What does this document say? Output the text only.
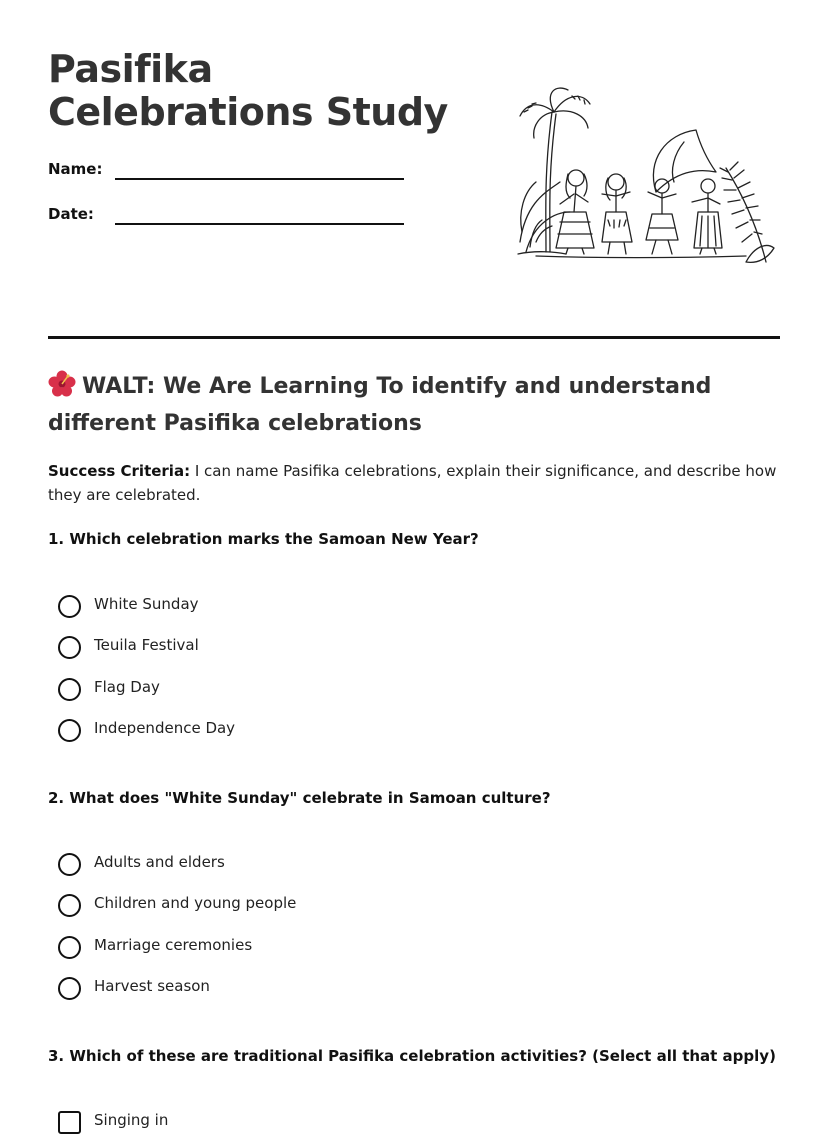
Pasifika Celebrations Study
Name:
Date:
WALT: We Are Learning To identify and understand different Pasifika celebrations

Success Criteria: I can name Pasifika celebrations, explain their significance, and describe how they are celebrated.

1. Which celebration marks the Samoan New Year?

White Sunday
Teuila Festival
Flag Day
Independence Day

2. What does "White Sunday" celebrate in Samoan culture?

Adults and elders
Children and young people
Marriage ceremonies
Harvest season

3. Which of these are traditional Pasifika celebration activities? (Select all that apply)

Singing in
